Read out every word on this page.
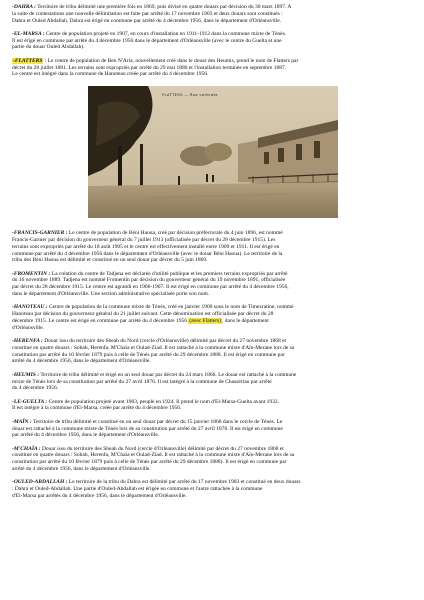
-DAHRA : Territoire de tribu délimité une première fois en 1869, puis divisé en quatre douars par décision du 30 mars 1897. A
la suite de contestations une nouvelle délimitation est faite par arrêté du 17 novembre 1903 et deux douars sont constitués :
Dahra et Ouled Abdallah. Dahra est érigé en commune par arrêté du 4 décembre 1956, dans le département d'Orléansville.

-EL-MARSA : Centre de population projeté en 1907, en cours d'installation en 1911-1912 dans la commune mixte de Ténès.
Il est érigé en commune par arrêté du 4 décembre 1956 dans le département d'Orléansville (avec le centre du Guelta et une
partie du douar Ouled Abdallah).

-FLATTERS : Le centre de population de Ben N'Aria, nouvellement créé dans le douar des Heumis, prend le nom de Flatters par
décret du 28 juillet 1881. Les terrains sont expropriés par arrêté du 29 mai 1886 et l'installation terminée en septembre 1887.
Le centre est intégré dans la commune de Hanoteau créée par arrêté du 4 décembre 1956.

FLATTERS — Rue Lerbrate

-FRANCIS-GARNIER : Le centre de population de Béni Haoua, créé par décision préfectorale du 4 juin 1896, est nommé
Francis-Garnier par décision du gouverneur général du 7 juillet 1913 (officialisée par décret du 28 décembre 1915). Les
terrains sont expropriés par arrêté du 18 août 1905 et le centre est effectivement installé entre 1909 et 1911. Il est érigé en
commune par arrêté du 4 décembre 1956 dans le département d'Orléansville (avec le douar Béni Haoua). Le territoire de la
tribu des Béni Haoua est délimité et constitué en un seul douar par décret du 5 juin 1869.

-FROMENTIN : La création du centre de Tadjena est déclarée d'utilité publique et les premiers terrains expropriés par arrêté
du 16 novembre 1889. Tadjena est nommé Fromentin par décision du gouverneur général du 19 novembre 1891, officialisée
par décret du 28 décembre 1915. Le centre est agrandi en 1906-1907. Il est érigé en commune par arrêté du 4 décembre 1956,
dans le département d'Orléansville. Une section administrative spécialisée porte son nom.

-HANOTEAU : Centre de population de la commune mixte de Ténès, créé en janvier 1900 sous le nom de Timezratine, nommé
Hanoteau par décision du gouverneur général du 21 juillet suivant. Cette dénomination est officialisée par décret du 28
décembre 1915. Le centre est érigé en commune par arrêté du 4 décembre 1956 (avec Flatters), dans le département
d'Orléansville.

-HERENFA : Douar issu du territoire des Sbeah du Nord (cercle d'Orléansville) délimité par décret du 27 novembre 1868 et
constitué en quatre douars : Sobah, Herenfa, M'Chaïa et Oulad-Ziad. Il est rattaché à la commune mixte d'Aïn-Merane lors de sa
constitution par arrêté du 10 février 1879 puis à celle de Ténès par arrêté du 29 décembre 1888. Il est érigé en commune par
arrêté du 4 décembre 1956, dans le département d'Orléansville.

-HEUMIS : Territoire de tribu délimité et érigé en un seul douar par décret du 24 mars 1866. Le douar est rattaché à la commune
mixte de Ténès lors de sa constitution par arrêté du 27 avril 1876. Il est intégré à la commune de Chassériau par arrêté
du 4 décembre 1956.

-LE-GUELTA : Centre de population projeté avant 1903, peuplé en 1924. Il prend le nom d'El-Marsa-Guelta avant 1932.
Il est intégré à la commune d'El-Marsa, créée par arrêté du 4 décembre 1956.

-MAÎN : Territoire de tribu délimité et constitué en un seul douar par décret du 15 janvier 1868 dans le cercle de Ténès. Le
douar est rattaché à la commune mixte de Ténès lors de sa constitution par arrêté du 27 avril 1876. Il est érigé en commune
par arrêté du 4 décembre 1956, dans le département d'Orléansville.

-M'CHAÏA : Douar issu du territoire des Sbeah du Nord (cercle d'Orléansville) délimité par décret du 27 novembre 1868 et
constitué en quatre douars : Sobah, Herenfa, M'Chaïa et Oulad-Ziad. Il est rattaché à la commune mixte d'Aïn-Merane lors de sa
constitution par arrêté du 10 février 1879 puis à celle de Ténès par arrêté du 29 décembre 1888). Il est érigé en commune par
arrêté du 4 décembre 1956, dans le département d'Orléansville.

-OULED-ABDALLAH : Le territoire de la tribu du Dahra est délimité par arrêté du 17 novembre 1903 et constitué en deux douars
: Dahra et Ouled-Abdallah. Une partie d'Ouled-Abdallah est érigée en commune et l'autre rattachée à la commune
d'El-Marsa par arrêtés du 4 décembre 1956, dans le département d'Orléansville.
